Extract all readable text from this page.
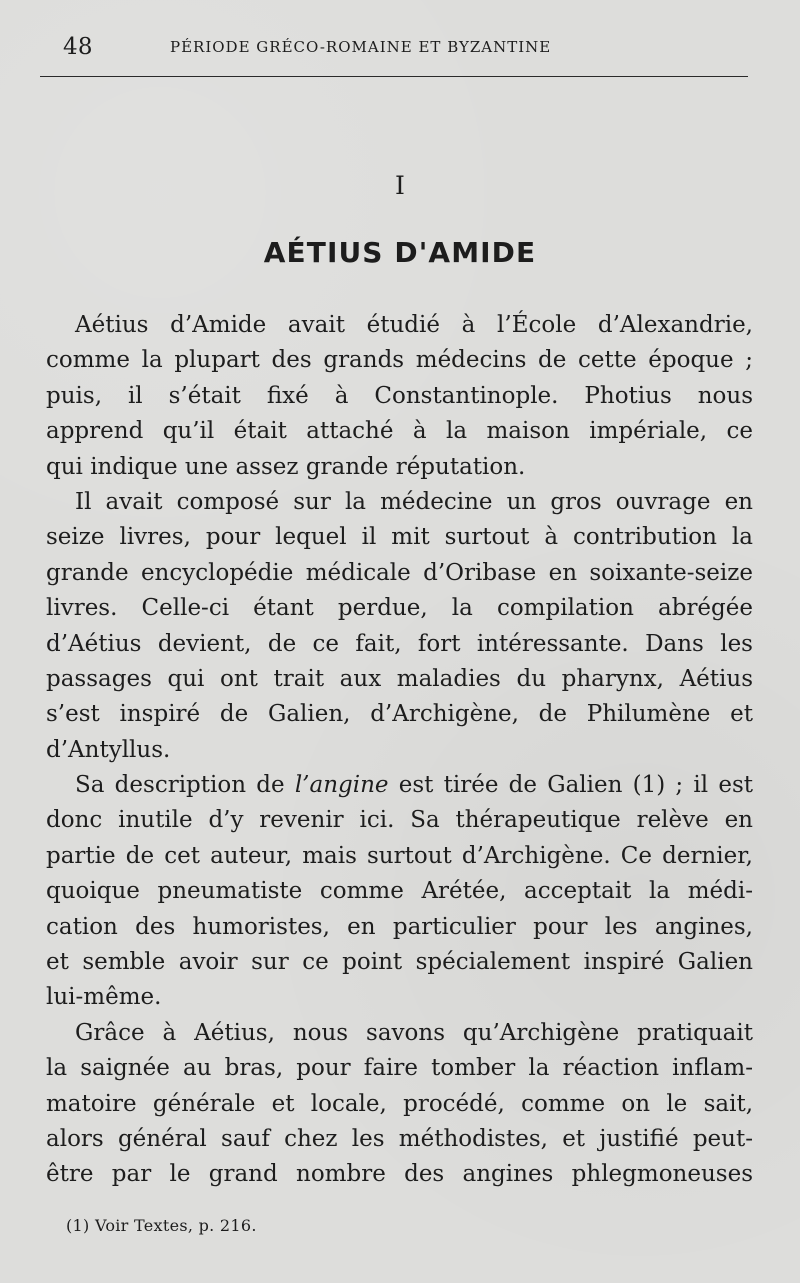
48	PÉRIODE GRÉCO-ROMAINE ET BYZANTINE
I
AÉTIUS D'AMIDE
Aétius d’Amide avait étudié à l’École d’Alexandrie,
comme la plupart des grands médecins de cette époque ;
puis, il s’était fixé à Constantinople. Photius nous
apprend qu’il était attaché à la maison impériale, ce
qui indique une assez grande réputation.
Il avait composé sur la médecine un gros ouvrage en
seize livres, pour lequel il mit surtout à contribution la
grande encyclopédie médicale d’Oribase en soixante-seize
livres. Celle-ci étant perdue, la compilation abrégée
d’Aétius devient, de ce fait, fort intéressante. Dans les
passages qui ont trait aux maladies du pharynx, Aétius
s’est inspiré de Galien, d’Archigène, de Philumène et
d’Antyllus.
Sa description de l’angine est tirée de Galien (1) ; il est
donc inutile d’y revenir ici. Sa thérapeutique relève en
partie de cet auteur, mais surtout d’Archigène. Ce dernier,
quoique pneumatiste comme Arétée, acceptait la médi-
cation des humoristes, en particulier pour les angines,
et semble avoir sur ce point spécialement inspiré Galien
lui-même.
Grâce à Aétius, nous savons qu’Archigène pratiquait
la saignée au bras, pour faire tomber la réaction inflam-
matoire générale et locale, procédé, comme on le sait,
alors général sauf chez les méthodistes, et justifié peut-
être par le grand nombre des angines phlegmoneuses
(1) Voir Textes, p. 216.
